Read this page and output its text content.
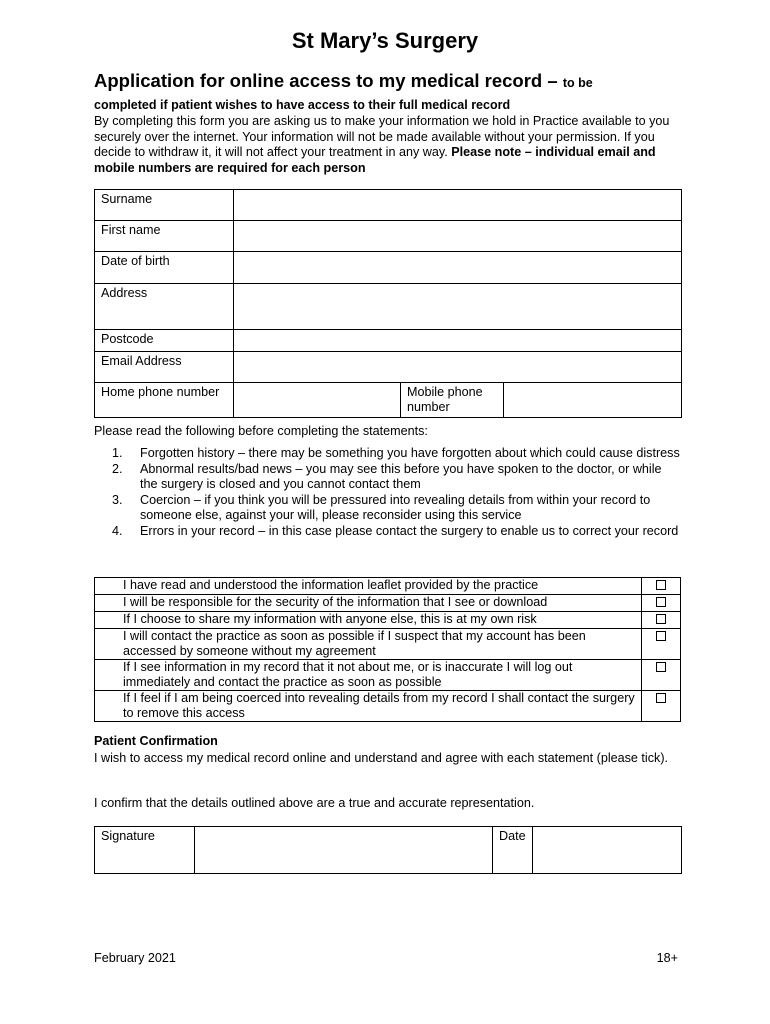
St Mary’s Surgery
Application for online access to my medical record – to be
completed if patient wishes to have access to their full medical record
By completing this form you are asking us to make your information we hold in Practice available to you securely over the internet. Your information will not be made available without your permission. If you decide to withdraw it, it will not affect your treatment in any way. Please note – individual email and mobile numbers are required for each person
Surname			
First name			
Date of birth			
Address			
Postcode			
Email Address			
Home phone number		Mobile phone number	
Please read the following before completing the statements:
1. Forgotten history – there may be something you have forgotten about which could cause distress
2. Abnormal results/bad news – you may see this before you have spoken to the doctor, or while the surgery is closed and you cannot contact them
3. Coercion – if you think you will be pressured into revealing details from within your record to someone else, against your will, please reconsider using this service
4. Errors in your record – in this case please contact the surgery to enable us to correct your record
I have read and understood the information leaflet provided by the practice	
I will be responsible for the security of the information that I see or download	
If I choose to share my information with anyone else, this is at my own risk	
I will contact the practice as soon as possible if I suspect that my account has been accessed by someone without my agreement	
If I see information in my record that it not about me, or is inaccurate I will log out immediately and contact the practice as soon as possible	
If I feel if I am being coerced into revealing details from my record I shall contact the surgery to remove this access	
Patient Confirmation
I wish to access my medical record online and understand and agree with each statement (please tick).
I confirm that the details outlined above are a true and accurate representation.
Signature		Date	
February 2021	18+
